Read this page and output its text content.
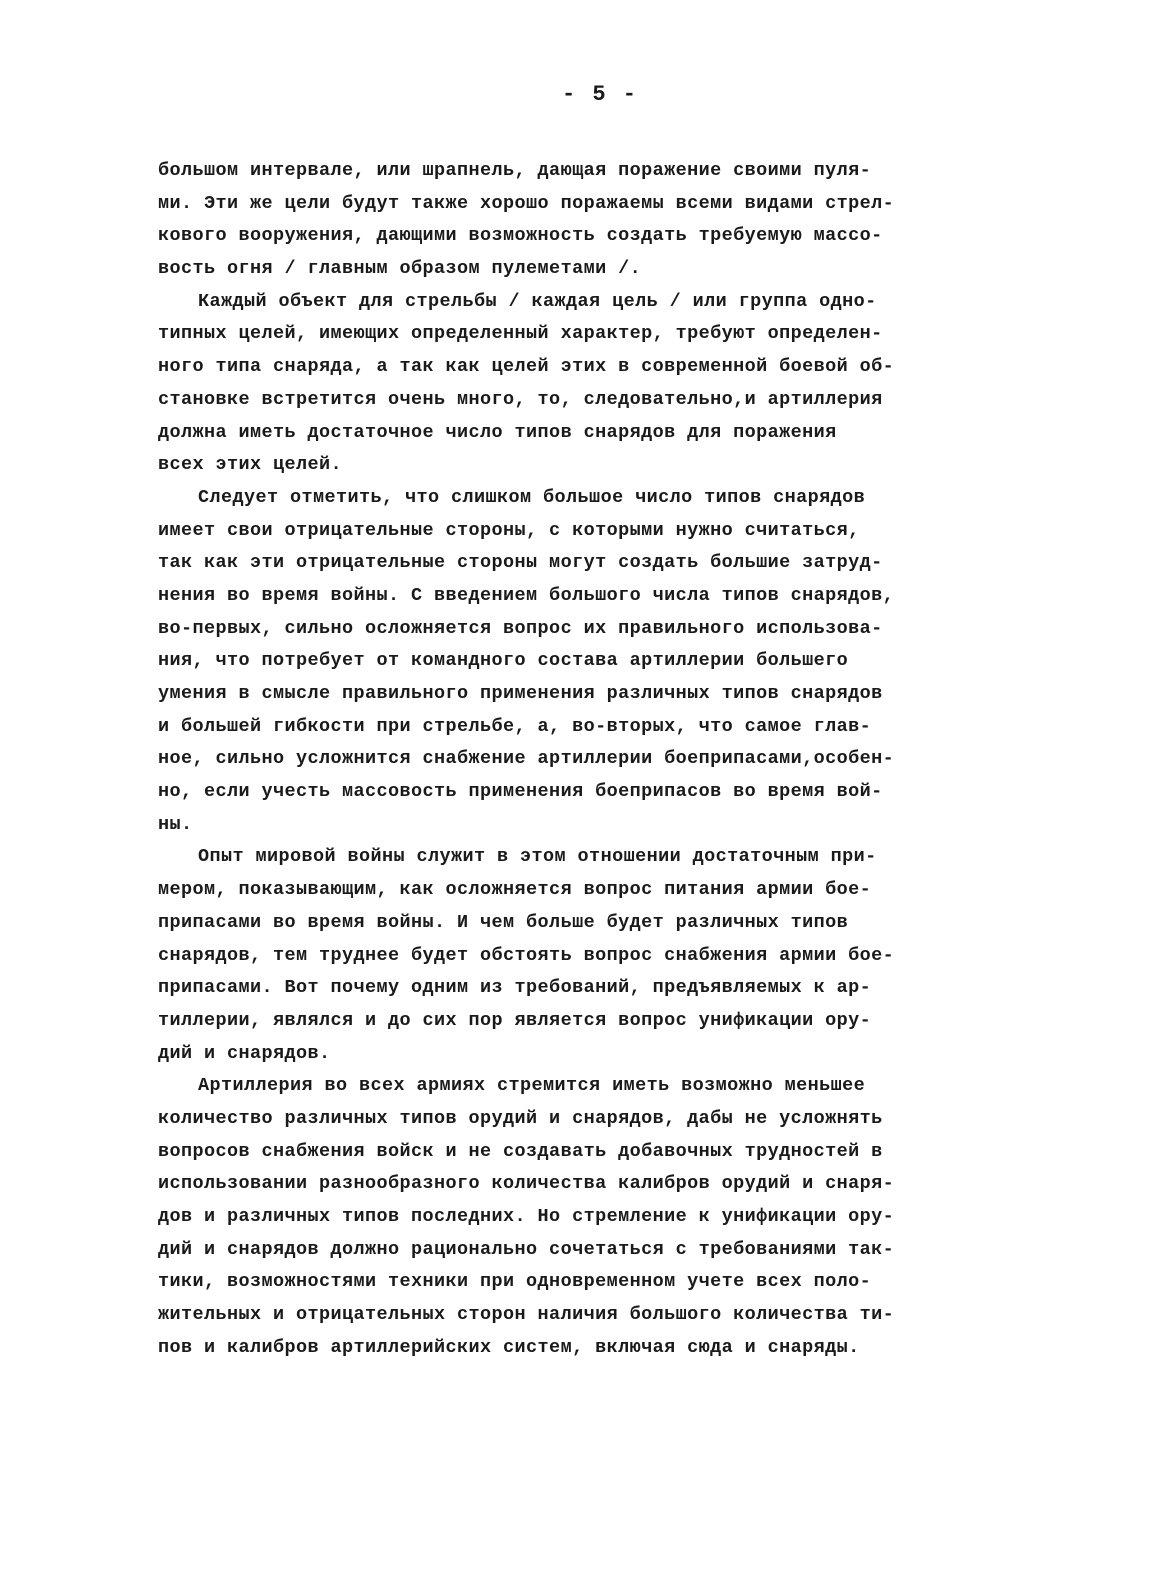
- 5 -
большом интервале, или шрапнель, дающая поражение своими пуля-
ми. Эти же цели будут также хорошо поражаемы всеми видами стрел-
кового вооружения, дающими возможность создать требуемую массо-
вость огня / главным образом пулеметами /.
Каждый объект для стрельбы / каждая цель / или группа одно-
типных целей, имеющих определенный характер, требуют определен-
ного типа снаряда, а так как целей этих в современной боевой об-
становке встретится очень много, то, следовательно,и артиллерия
должна иметь достаточное число типов снарядов для поражения
всех этих целей.
Следует отметить, что слишком большое число типов снарядов
имеет свои отрицательные стороны, с которыми нужно считаться,
так как эти отрицательные стороны могут создать большие затруд-
нения во время войны. С введением большого числа типов снарядов,
во-первых, сильно осложняется вопрос их правильного использова-
ния, что потребует от командного состава артиллерии большего
умения в смысле правильного применения различных типов снарядов
и большей гибкости при стрельбе, а, во-вторых, что самое глав-
ное, сильно усложнится снабжение артиллерии боеприпасами,особен-
но, если учесть массовость применения боеприпасов во время вой-
ны.
Опыт мировой войны служит в этом отношении достаточным при-
мером, показывающим, как осложняется вопрос питания армии бое-
припасами во время войны. И чем больше будет различных типов
снарядов, тем труднее будет обстоять вопрос снабжения армии бое-
припасами. Вот почему одним из требований, предъявляемых к ар-
тиллерии, являлся и до сих пор является вопрос унификации ору-
дий и снарядов.
Артиллерия во всех армиях стремится иметь возможно меньшее
количество различных типов орудий и снарядов, дабы не усложнять
вопросов снабжения войск и не создавать добавочных трудностей в
использовании разнообразного количества калибров орудий и снаря-
дов и различных типов последних. Но стремление к унификации ору-
дий и снарядов должно рационально сочетаться с требованиями так-
тики, возможностями техники при одновременном учете всех поло-
жительных и отрицательных сторон наличия большого количества ти-
пов и калибров артиллерийских систем, включая сюда и снаряды.
